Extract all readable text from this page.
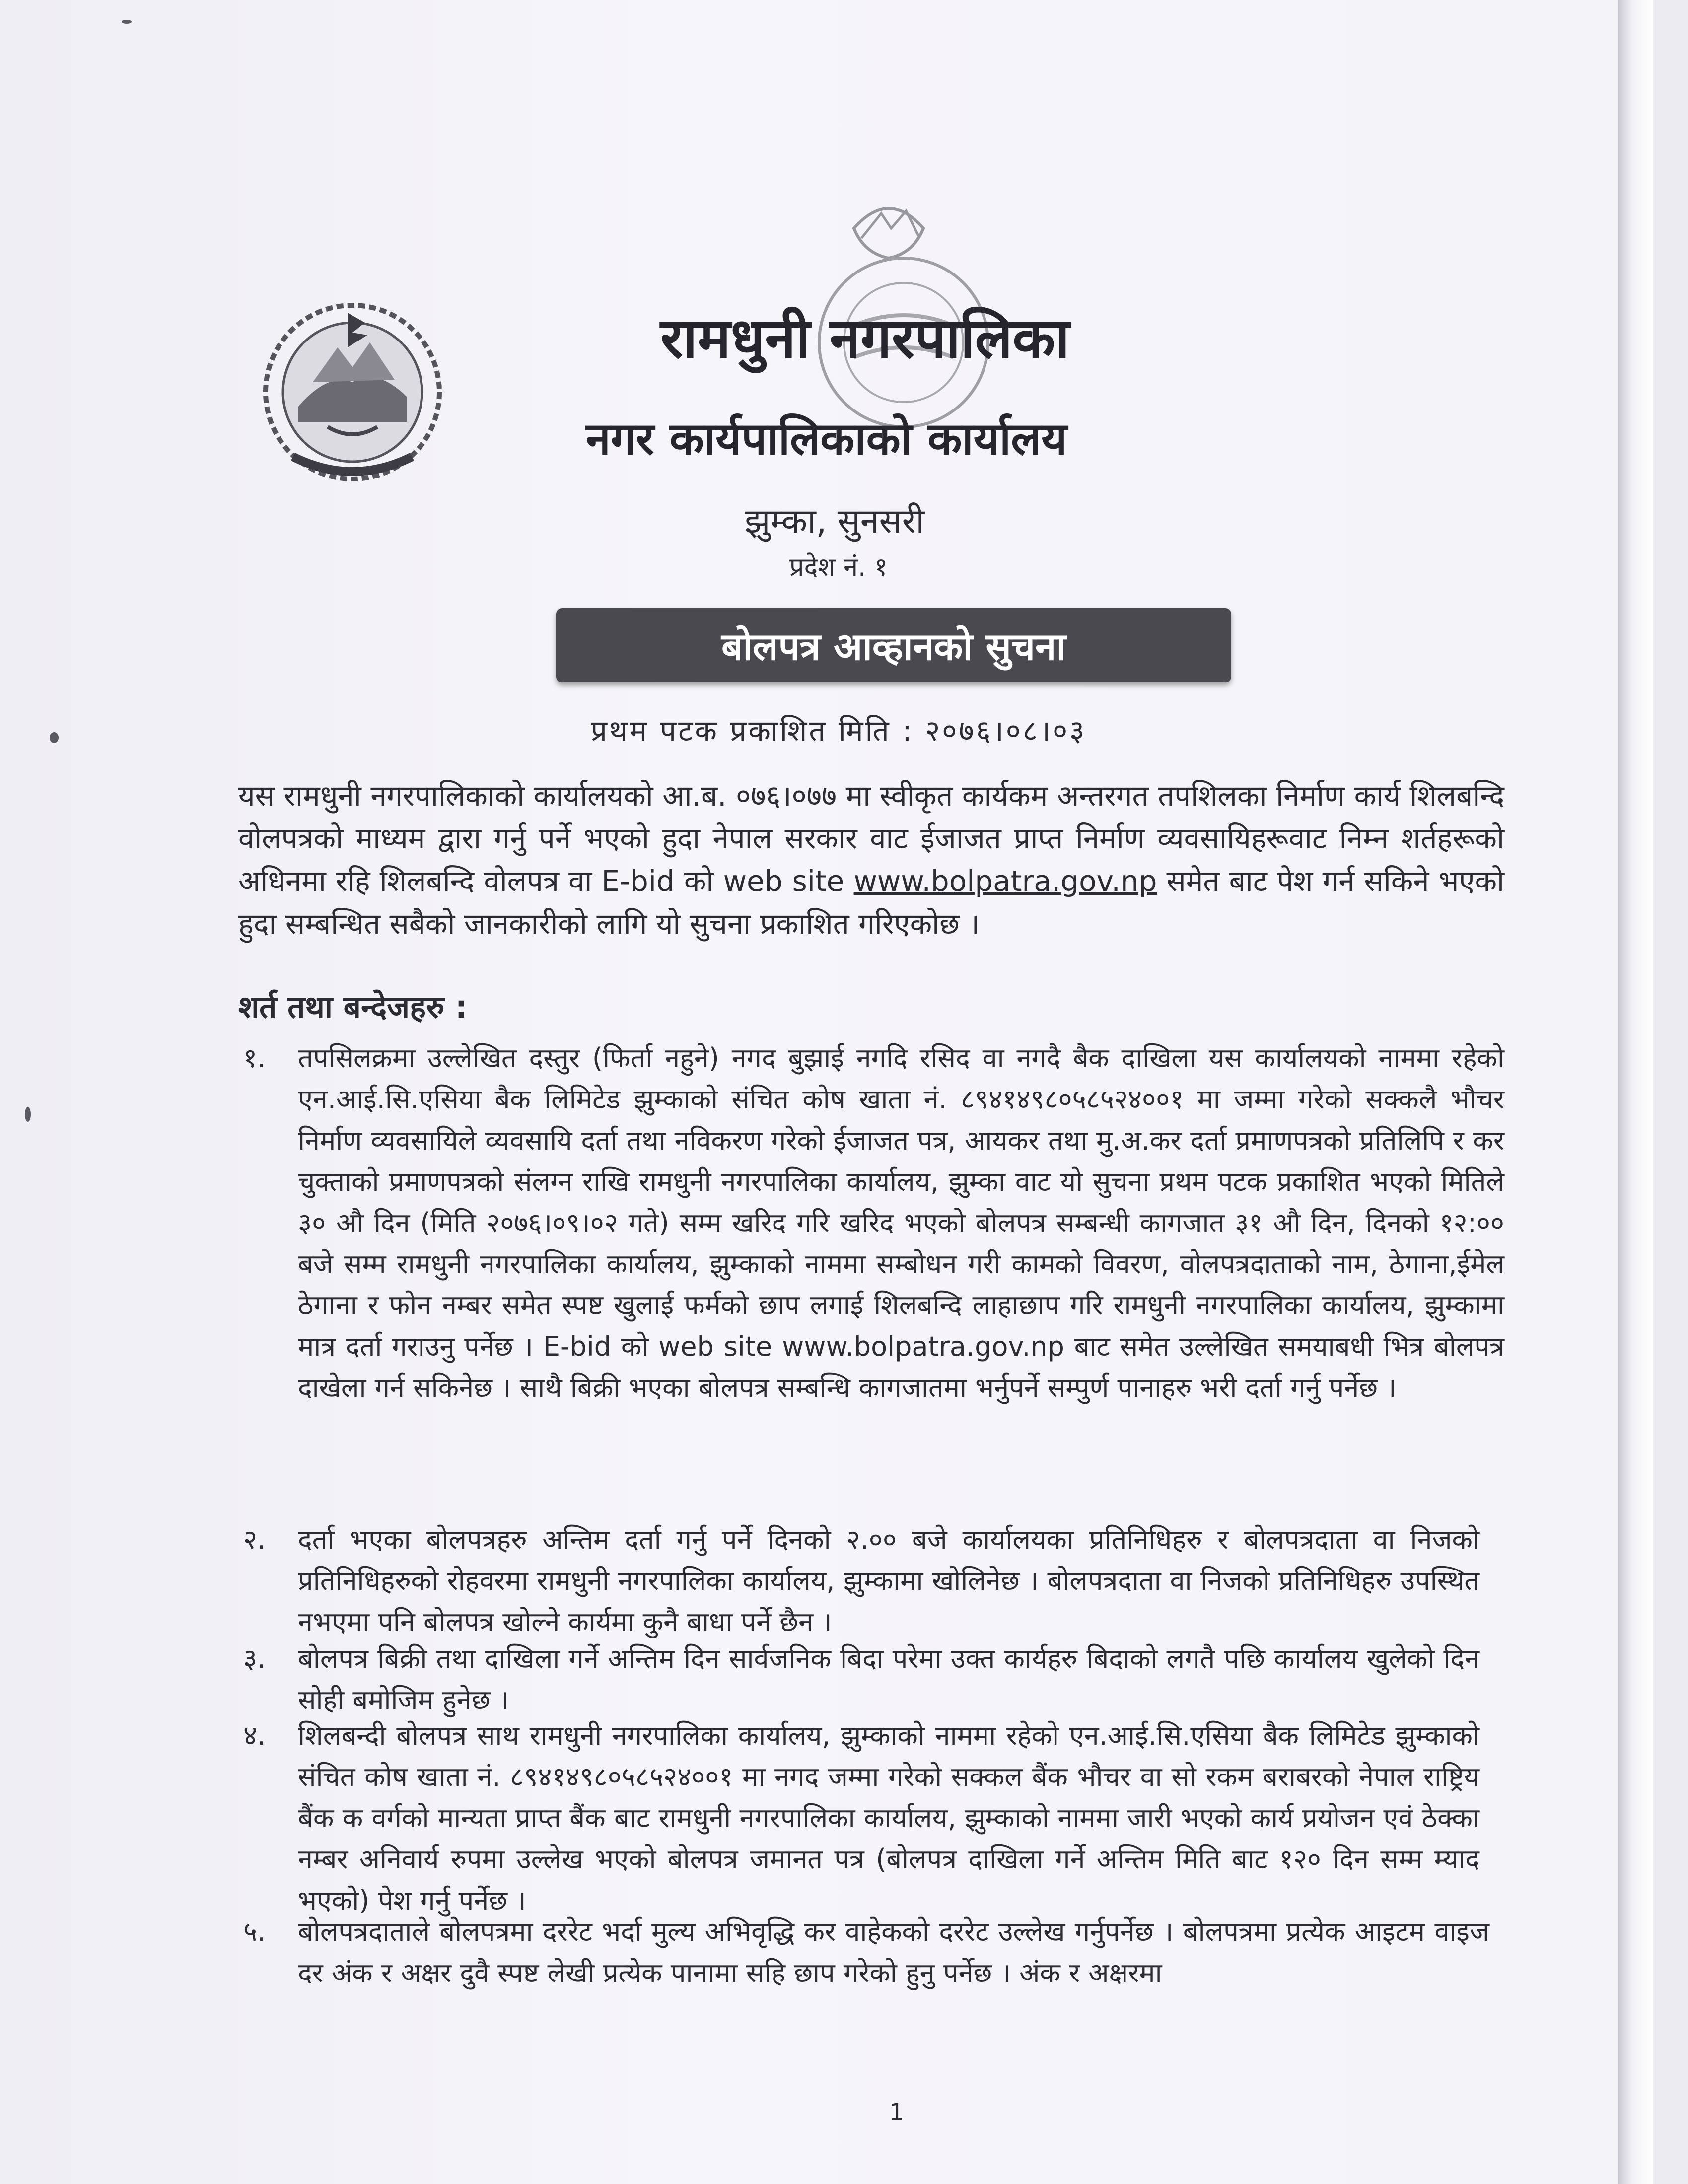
रामधुनी नगरपालिका
नगर कार्यपालिकाको कार्यालय
झुम्का, सुनसरी
प्रदेश नं. १
बोलपत्र आव्हानको सुचना
प्रथम पटक प्रकाशित मिति : २०७६।०८।०३
यस रामधुनी नगरपालिकाको कार्यालयको आ.ब. ०७६।०७७ मा स्वीकृत कार्यकम अन्तरगत तपशिलका निर्माण कार्य शिलबन्दि वोलपत्रको माध्यम द्वारा गर्नु पर्ने भएको हुदा नेपाल सरकार वाट ईजाजत प्राप्त निर्माण व्यवसायिहरूवाट निम्न शर्तहरूको अधिनमा रहि शिलबन्दि वोलपत्र वा E-bid को web site www.bolpatra.gov.np समेत बाट पेश गर्न सकिने भएको हुदा सम्बन्धित सबैको जानकारीको लागि यो सुचना प्रकाशित गरिएकोछ ।
शर्त तथा बन्देजहरु :
१. तपसिलक्रमा उल्लेखित दस्तुर (फिर्ता नहुने) नगद बुझाई नगदि रसिद वा नगदै बैक दाखिला यस कार्यालयको नाममा रहेको एन.आई.सि.एसिया बैक लिमिटेड झुम्काको संचित कोष खाता नं. ८९४१४९८०५८५२४००१ मा जम्मा गरेको सक्कलै भौचर निर्माण व्यवसायिले व्यवसायि दर्ता तथा नविकरण गरेको ईजाजत पत्र, आयकर तथा मु.अ.कर दर्ता प्रमाणपत्रको प्रतिलिपि र कर चुक्ताको प्रमाणपत्रको संलग्न राखि रामधुनी नगरपालिका कार्यालय, झुम्का वाट यो सुचना प्रथम पटक प्रकाशित भएको मितिले ३० औ दिन (मिति २०७६।०९।०२ गते) सम्म खरिद गरि खरिद भएको बोलपत्र सम्बन्धी कागजात ३१ औ दिन, दिनको १२:०० बजे सम्म रामधुनी नगरपालिका कार्यालय, झुम्काको नाममा सम्बोधन गरी कामको विवरण, वोलपत्रदाताको नाम, ठेगाना,ईमेल ठेगाना र फोन नम्बर समेत स्पष्ट खुलाई फर्मको छाप लगाई शिलबन्दि लाहाछाप गरि रामधुनी नगरपालिका कार्यालय, झुम्कामा मात्र दर्ता गराउनु पर्नेछ । E-bid को web site www.bolpatra.gov.np बाट समेत उल्लेखित समयाबधी भित्र बोलपत्र दाखेला गर्न सकिनेछ । साथै बिक्री भएका बोलपत्र सम्बन्धि कागजातमा भर्नुपर्ने सम्पुर्ण पानाहरु भरी दर्ता गर्नु पर्नेछ ।
२. दर्ता भएका बोलपत्रहरु अन्तिम दर्ता गर्नु पर्ने दिनको २.०० बजे कार्यालयका प्रतिनिधिहरु र बोलपत्रदाता वा निजको प्रतिनिधिहरुको रोहवरमा रामधुनी नगरपालिका कार्यालय, झुम्कामा खोलिनेछ । बोलपत्रदाता वा निजको प्रतिनिधिहरु उपस्थित नभएमा पनि बोलपत्र खोल्ने कार्यमा कुनै बाधा पर्ने छैन ।
३. बोलपत्र बिक्री तथा दाखिला गर्ने अन्तिम दिन सार्वजनिक बिदा परेमा उक्त कार्यहरु बिदाको लगतै पछि कार्यालय खुलेको दिन सोही बमोजिम हुनेछ ।
४. शिलबन्दी बोलपत्र साथ रामधुनी नगरपालिका कार्यालय, झुम्काको नाममा रहेको एन.आई.सि.एसिया बैक लिमिटेड झुम्काको संचित कोष खाता नं. ८९४१४९८०५८५२४००१ मा नगद जम्मा गरेको सक्कल बैंक भौचर वा सो रकम बराबरको नेपाल राष्ट्रिय बैंक क वर्गको मान्यता प्राप्त बैंक बाट रामधुनी नगरपालिका कार्यालय, झुम्काको नाममा जारी भएको कार्य प्रयोजन एवं ठेक्का नम्बर अनिवार्य रुपमा उल्लेख भएको बोलपत्र जमानत पत्र (बोलपत्र दाखिला गर्ने अन्तिम मिति बाट १२० दिन सम्म म्याद भएको) पेश गर्नु पर्नेछ ।
५. बोलपत्रदाताले बोलपत्रमा दररेट भर्दा मुल्य अभिवृद्धि कर वाहेकको दररेट उल्लेख गर्नुपर्नेछ । बोलपत्रमा प्रत्येक आइटम वाइज दर अंक र अक्षर दुवै स्पष्ट लेखी प्रत्येक पानामा सहि छाप गरेको हुनु पर्नेछ । अंक र अक्षरमा
1
